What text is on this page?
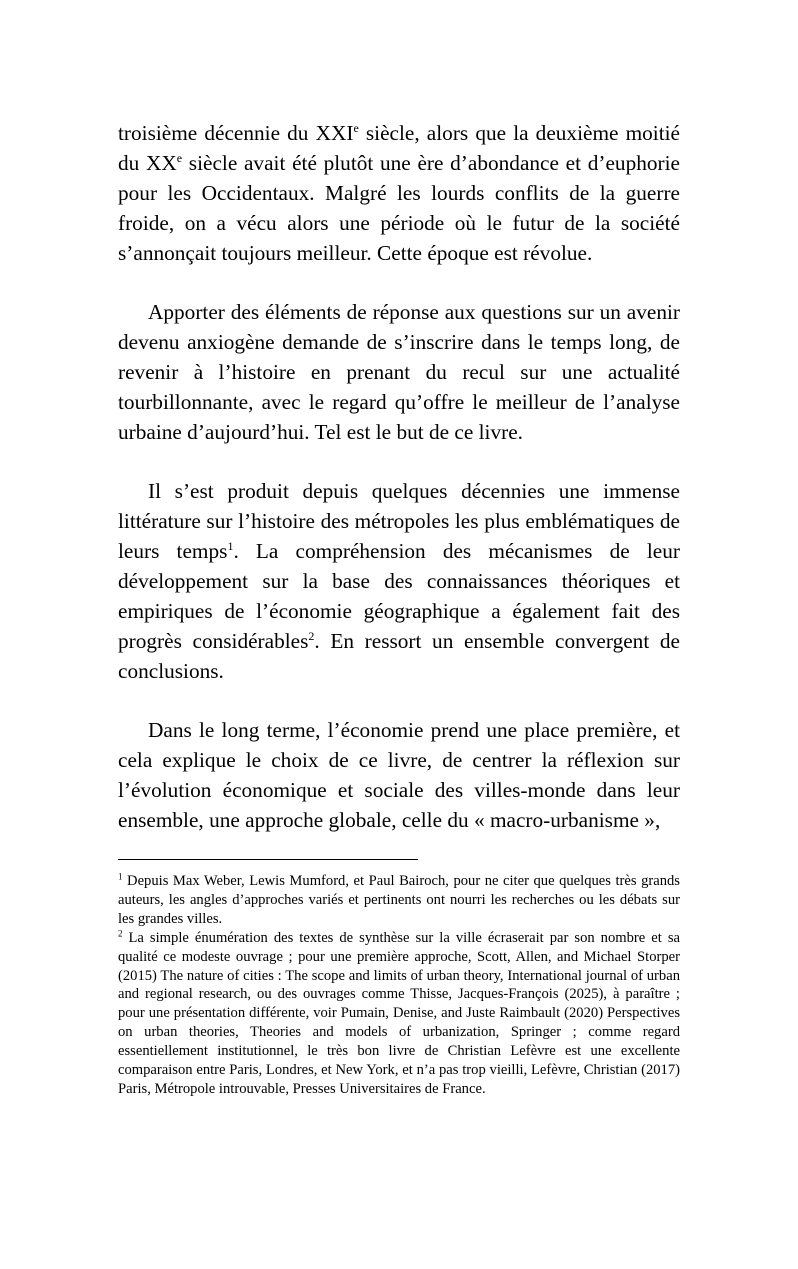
troisième décennie du XXIe siècle, alors que la deuxième moitié du XXe siècle avait été plutôt une ère d’abondance et d’euphorie pour les Occidentaux. Malgré les lourds conflits de la guerre froide, on a vécu alors une période où le futur de la société s’annonçait toujours meilleur. Cette époque est révolue.

Apporter des éléments de réponse aux questions sur un avenir devenu anxiogène demande de s’inscrire dans le temps long, de revenir à l’histoire en prenant du recul sur une actualité tourbillonnante, avec le regard qu’offre le meilleur de l’analyse urbaine d’aujourd’hui. Tel est le but de ce livre.

Il s’est produit depuis quelques décennies une immense littérature sur l’histoire des métropoles les plus emblématiques de leurs temps$^1$. La compréhension des mécanismes de leur développement sur la base des connaissances théoriques et empiriques de l’économie géographique a également fait des progrès considérables$^2$. En ressort un ensemble convergent de conclusions.

Dans le long terme, l’économie prend une place première, et cela explique le choix de ce livre, de centrer la réflexion sur l’évolution économique et sociale des villes-monde dans leur ensemble, une approche globale, celle du « macro-urbanisme »,

$^1$ Depuis Max Weber, Lewis Mumford, et Paul Bairoch, pour ne citer que quelques très grands auteurs, les angles d’approches variés et pertinents ont nourri les recherches ou les débats sur les grandes villes.

$^2$ La simple énumération des textes de synthèse sur la ville écraserait par son nombre et sa qualité ce modeste ouvrage ; pour une première approche, Scott, Allen, and Michael Storper (2015) The nature of cities : The scope and limits of urban theory, International journal of urban and regional research, ou des ouvrages comme Thisse, Jacques-François (2025), à paraître ; pour une présentation différente, voir Pumain, Denise, and Juste Raimbault (2020) Perspectives on urban theories, Theories and models of urbanization, Springer ; comme regard essentiellement institutionnel, le très bon livre de Christian Lefèvre est une excellente comparaison entre Paris, Londres, et New York, et n’a pas trop vieilli, Lefèvre, Christian (2017) Paris, Métropole introuvable, Presses Universitaires de France.
